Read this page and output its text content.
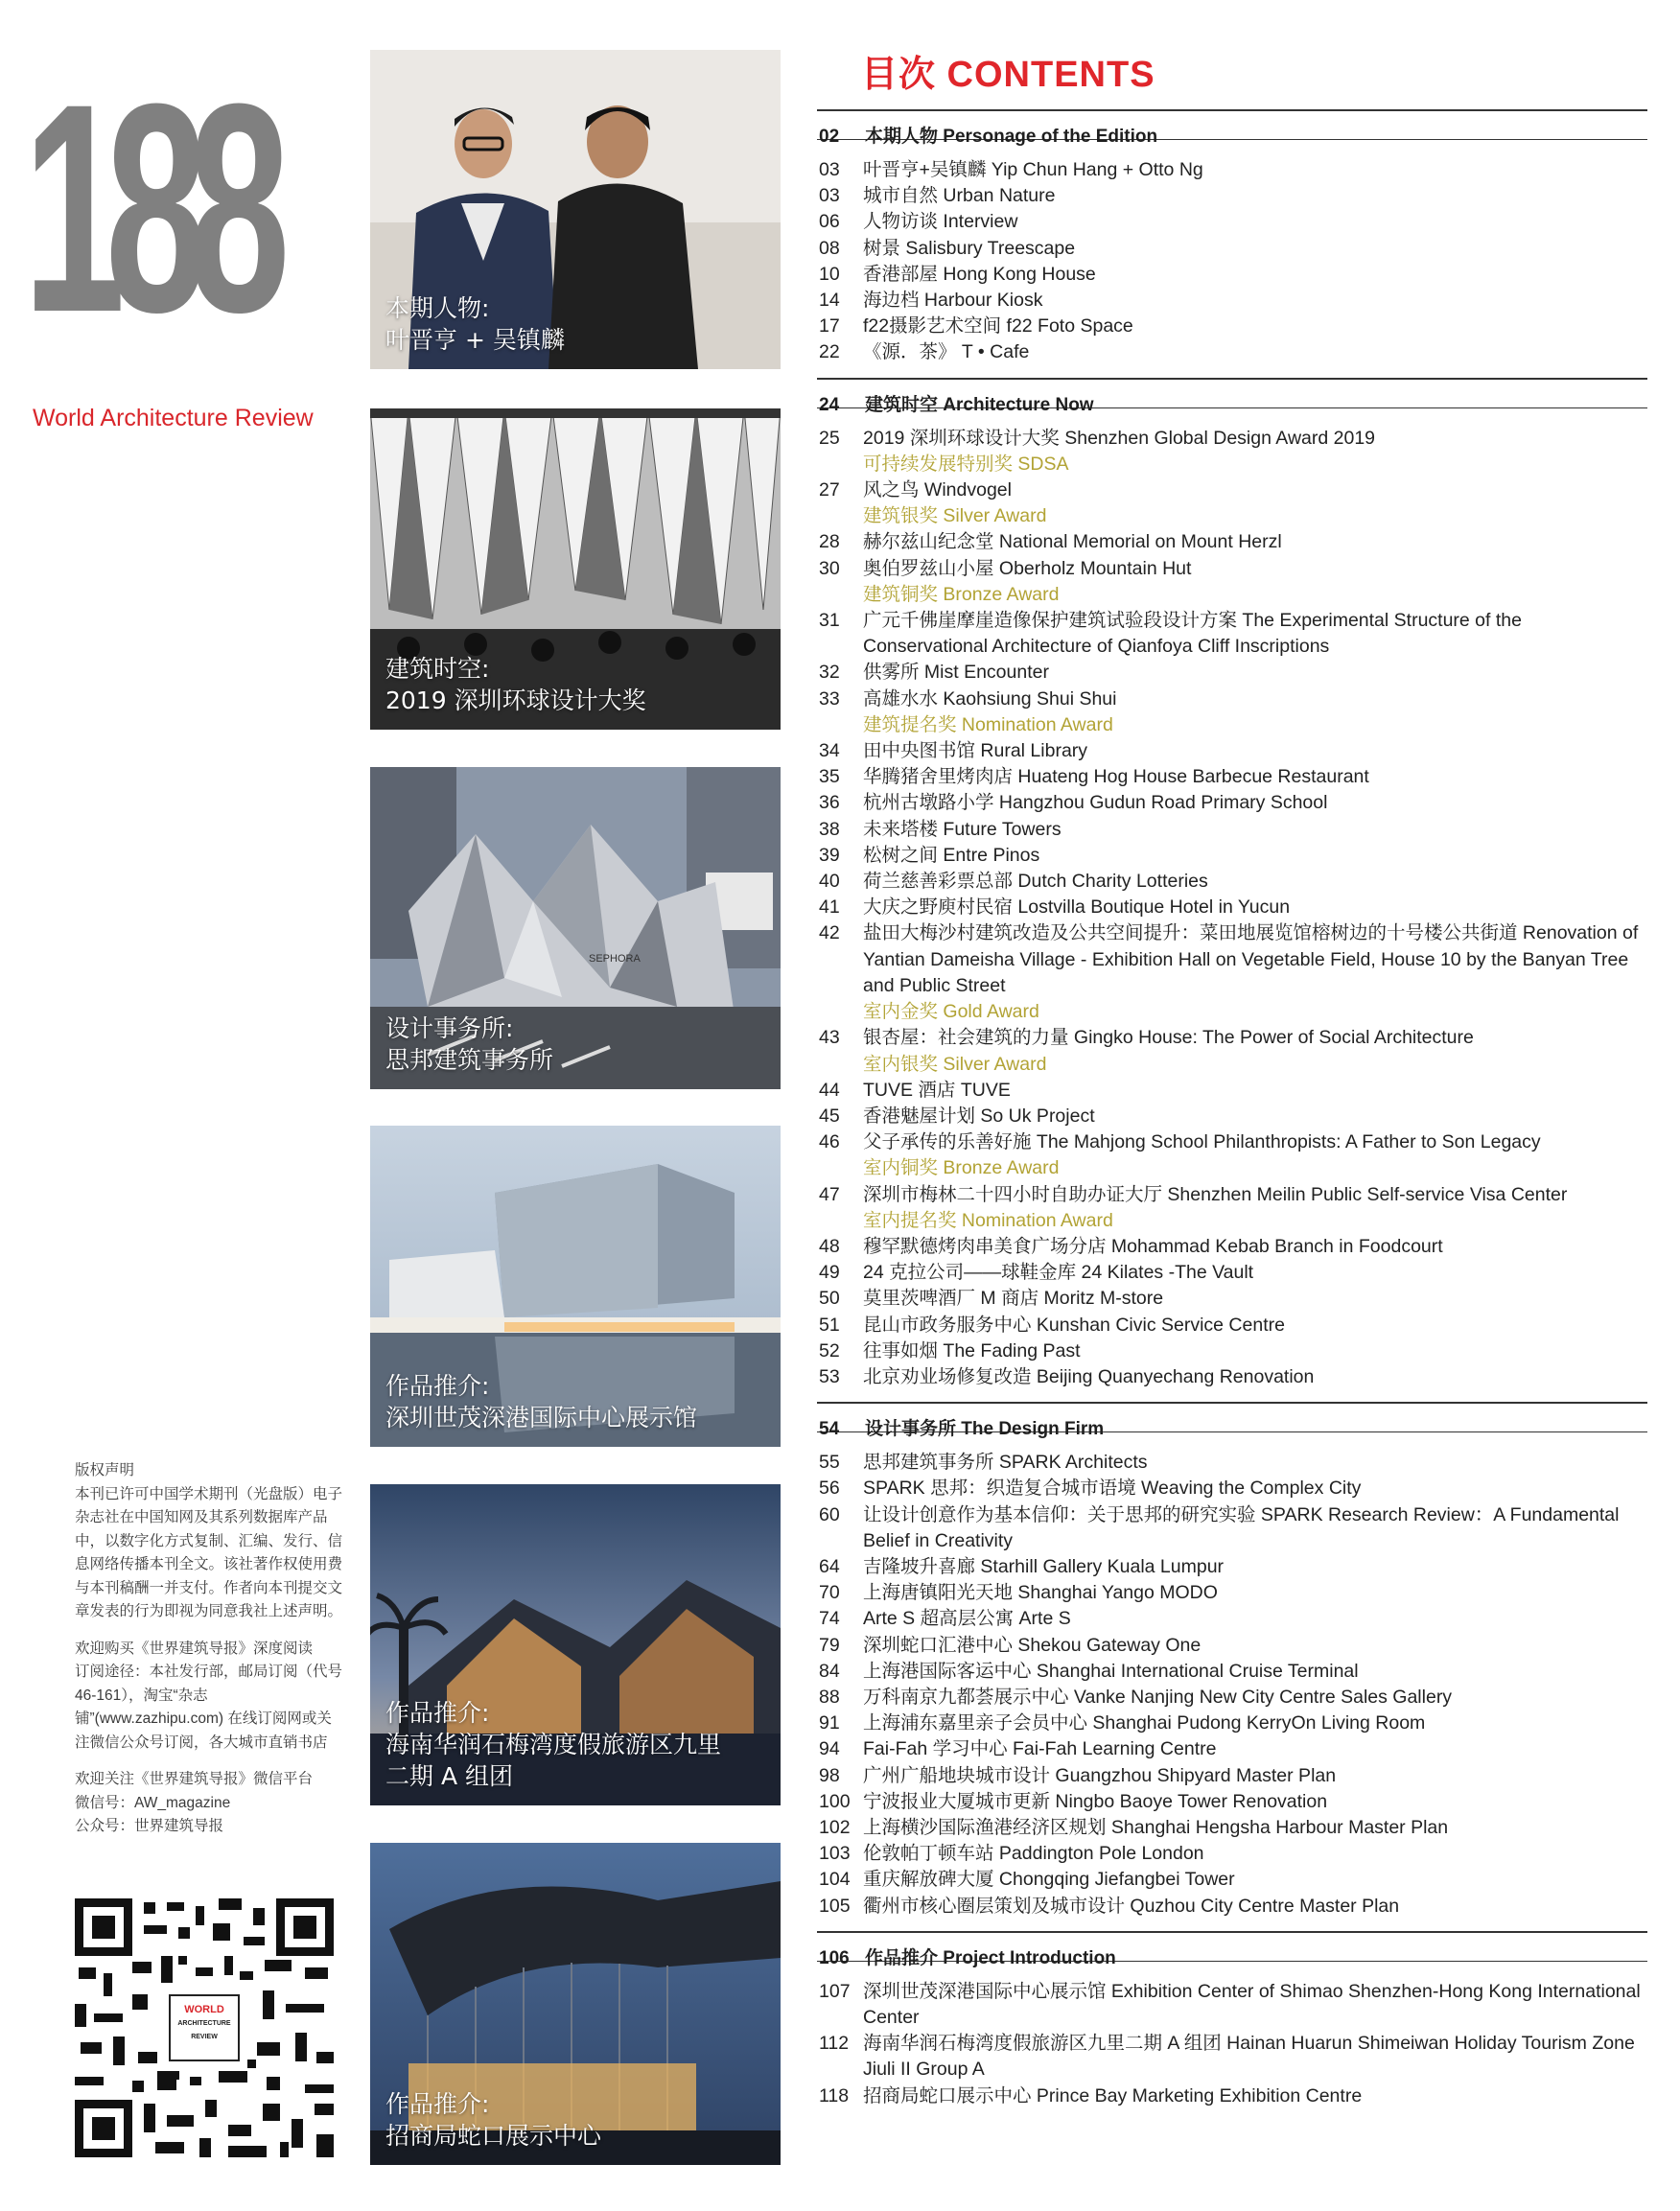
188
World Architecture Review

版权声明
本刊已许可中国学术期刊（光盘版）电子杂志社在中国知网及其系列数据库产品中，以数字化方式复制、汇编、发行、信息网络传播本刊全文。该社著作权使用费与本刊稿酬一并支付。作者向本刊提交文章发表的行为即视为同意我社上述声明。

欢迎购买《世界建筑导报》深度阅读
订阅途径：本社发行部，邮局订阅（代号 46-161），淘宝“杂志铺”(www.zazhipu.com) 在线订阅网或关注微信公众号订阅，各大城市直销书店

欢迎关注《世界建筑导报》微信平台
微信号：AW_magazine
公众号：世界建筑导报

WORLD
ARCHITECTURE
REVIEW
本期人物:
叶晋亨 + 吴镇麟
建筑时空:
2019 深圳环球设计大奖
SEPHORA
设计事务所:
思邦建筑事务所
作品推介:
深圳世茂深港国际中心展示馆
作品推介:
海南华润石梅湾度假旅游区九里
二期 A 组团
作品推介:
招商局蛇口展示中心
目次 CONTENTS
02 本期人物 Personage of the Edition
03	叶晋亨+吴镇麟 Yip Chun Hang + Otto Ng
03	城市自然 Urban Nature
06	人物访谈 Interview
08	树景 Salisbury Treescape
10	香港部屋 Hong Kong House
14	海边档 Harbour Kiosk
17	f22摄影艺术空间 f22 Foto Space
22	《源．茶》 T • Cafe
24 建筑时空 Architecture Now
25	2019 深圳环球设计大奖 Shenzhen Global Design Award 2019
可持续发展特别奖 SDSA
27	风之鸟 Windvogel
建筑银奖 Silver Award
28	赫尔兹山纪念堂 National Memorial on Mount Herzl
30	奥伯罗兹山小屋 Oberholz Mountain Hut
建筑铜奖 Bronze Award
31	广元千佛崖摩崖造像保护建筑试验段设计方案 The Experimental Structure of the Conservational Architecture of Qianfoya Cliff Inscriptions
32	供雾所 Mist Encounter
33	高雄水水 Kaohsiung Shui Shui
建筑提名奖 Nomination Award
34	田中央图书馆 Rural Library
35	华腾猪舍里烤肉店 Huateng Hog House Barbecue Restaurant
36	杭州古墩路小学 Hangzhou Gudun Road Primary School
38	未来塔楼 Future Towers
39	松树之间 Entre Pinos
40	荷兰慈善彩票总部 Dutch Charity Lotteries
41	大庆之野庾村民宿 Lostvilla Boutique Hotel in Yucun
42	盐田大梅沙村建筑改造及公共空间提升：菜田地展览馆榕树边的十号楼公共街道 Renovation of Yantian Dameisha Village - Exhibition Hall on Vegetable Field, House 10 by the Banyan Tree and Public Street
室内金奖 Gold Award
43	银杏屋：社会建筑的力量 Gingko House: The Power of Social Architecture
室内银奖 Silver Award
44	TUVE 酒店 TUVE
45	香港魅屋计划 So Uk Project
46	父子承传的乐善好施 The Mahjong School Philanthropists: A Father to Son Legacy
室内铜奖 Bronze Award
47	深圳市梅林二十四小时自助办证大厅 Shenzhen Meilin Public Self-service Visa Center
室内提名奖 Nomination Award
48	穆罕默德烤肉串美食广场分店 Mohammad Kebab Branch in Foodcourt
49	24 克拉公司——球鞋金库 24 Kilates -The Vault
50	莫里茨啤酒厂 M 商店 Moritz M-store
51	昆山市政务服务中心 Kunshan Civic Service Centre
52	往事如烟 The Fading Past
53	北京劝业场修复改造 Beijing Quanyechang Renovation
54 设计事务所 The Design Firm
55	思邦建筑事务所 SPARK Architects
56	SPARK 思邦：织造复合城市语境 Weaving the Complex City
60	让设计创意作为基本信仰：关于思邦的研究实验 SPARK Research Review：A Fundamental Belief in Creativity
64	吉隆坡升喜廊 Starhill Gallery Kuala Lumpur
70	上海唐镇阳光天地 Shanghai Yango MODO
74	Arte S 超高层公寓 Arte S
79	深圳蛇口汇港中心 Shekou Gateway One
84	上海港国际客运中心 Shanghai International Cruise Terminal
88	万科南京九都荟展示中心 Vanke Nanjing New City Centre Sales Gallery
91	上海浦东嘉里亲子会员中心 Shanghai Pudong KerryOn Living Room
94	Fai-Fah 学习中心 Fai-Fah Learning Centre
98	广州广船地块城市设计 Guangzhou Shipyard Master Plan
100 宁波报业大厦城市更新 Ningbo Baoye Tower Renovation
102 上海横沙国际渔港经济区规划 Shanghai Hengsha Harbour Master Plan
103 伦敦帕丁顿车站 Paddington Pole London
104 重庆解放碑大厦 Chongqing Jiefangbei Tower
105 衢州市核心圈层策划及城市设计 Quzhou City Centre Master Plan
106 作品推介 Project Introduction
107 深圳世茂深港国际中心展示馆 Exhibition Center of Shimao Shenzhen-Hong Kong International Center
112 海南华润石梅湾度假旅游区九里二期 A 组团 Hainan Huarun Shimeiwan Holiday Tourism Zone Jiuli II Group A
118 招商局蛇口展示中心 Prince Bay Marketing Exhibition Centre
